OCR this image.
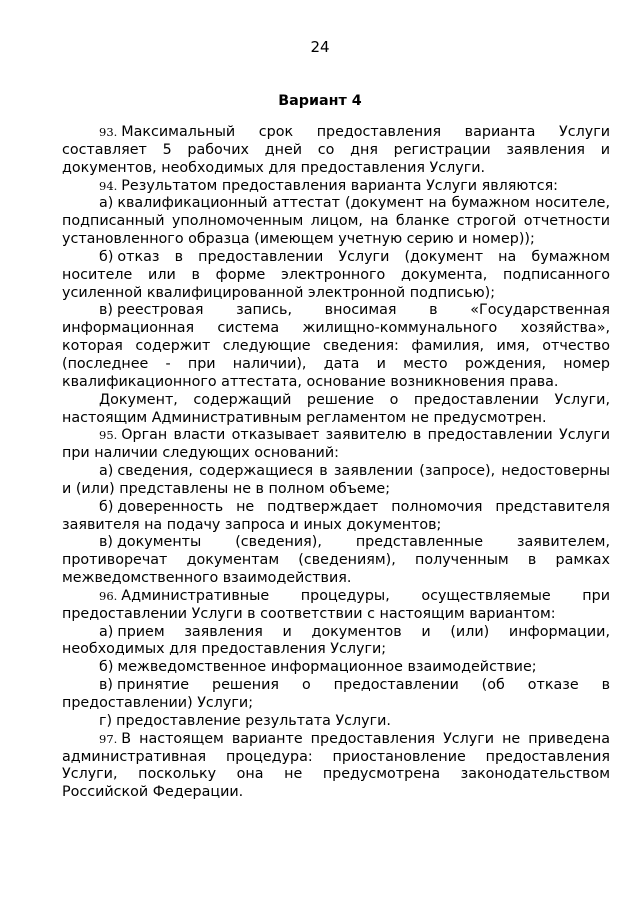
24
Вариант 4

93. Максимальный срок предоставления варианта Услуги составляет 5 рабочих дней со дня регистрации заявления и документов, необходимых для предоставления Услуги.

94. Результатом предоставления варианта Услуги являются:

а) квалификационный аттестат (документ на бумажном носителе, подписанный уполномоченным лицом, на бланке строгой отчетности установленного образца (имеющем учетную серию и номер));

б) отказ в предоставлении Услуги (документ на бумажном носителе или в форме электронного документа, подписанного усиленной квалифицированной электронной подписью);

в) реестровая запись, вносимая в «Государственная информационная система жилищно-коммунального хозяйства», которая содержит следующие сведения: фамилия, имя, отчество (последнее - при наличии), дата и место рождения, номер квалификационного аттестата, основание возникновения права.

Документ, содержащий решение о предоставлении Услуги, настоящим Административным регламентом не предусмотрен.

95. Орган власти отказывает заявителю в предоставлении Услуги при наличии следующих оснований:

а) сведения, содержащиеся в заявлении (запросе), недостоверны и (или) представлены не в полном объеме;

б) доверенность не подтверждает полномочия представителя заявителя на подачу запроса и иных документов;

в) документы (сведения), представленные заявителем, противоречат документам (сведениям), полученным в рамках межведомственного взаимодействия.

96. Административные процедуры, осуществляемые при предоставлении Услуги в соответствии с настоящим вариантом:

а) прием заявления и документов и (или) информации, необходимых для предоставления Услуги;

б) межведомственное информационное взаимодействие;

в) принятие решения о предоставлении (об отказе в предоставлении) Услуги;

г) предоставление результата Услуги.

97. В настоящем варианте предоставления Услуги не приведена административная процедура: приостановление предоставления Услуги, поскольку она не предусмотрена законодательством Российской Федерации.
